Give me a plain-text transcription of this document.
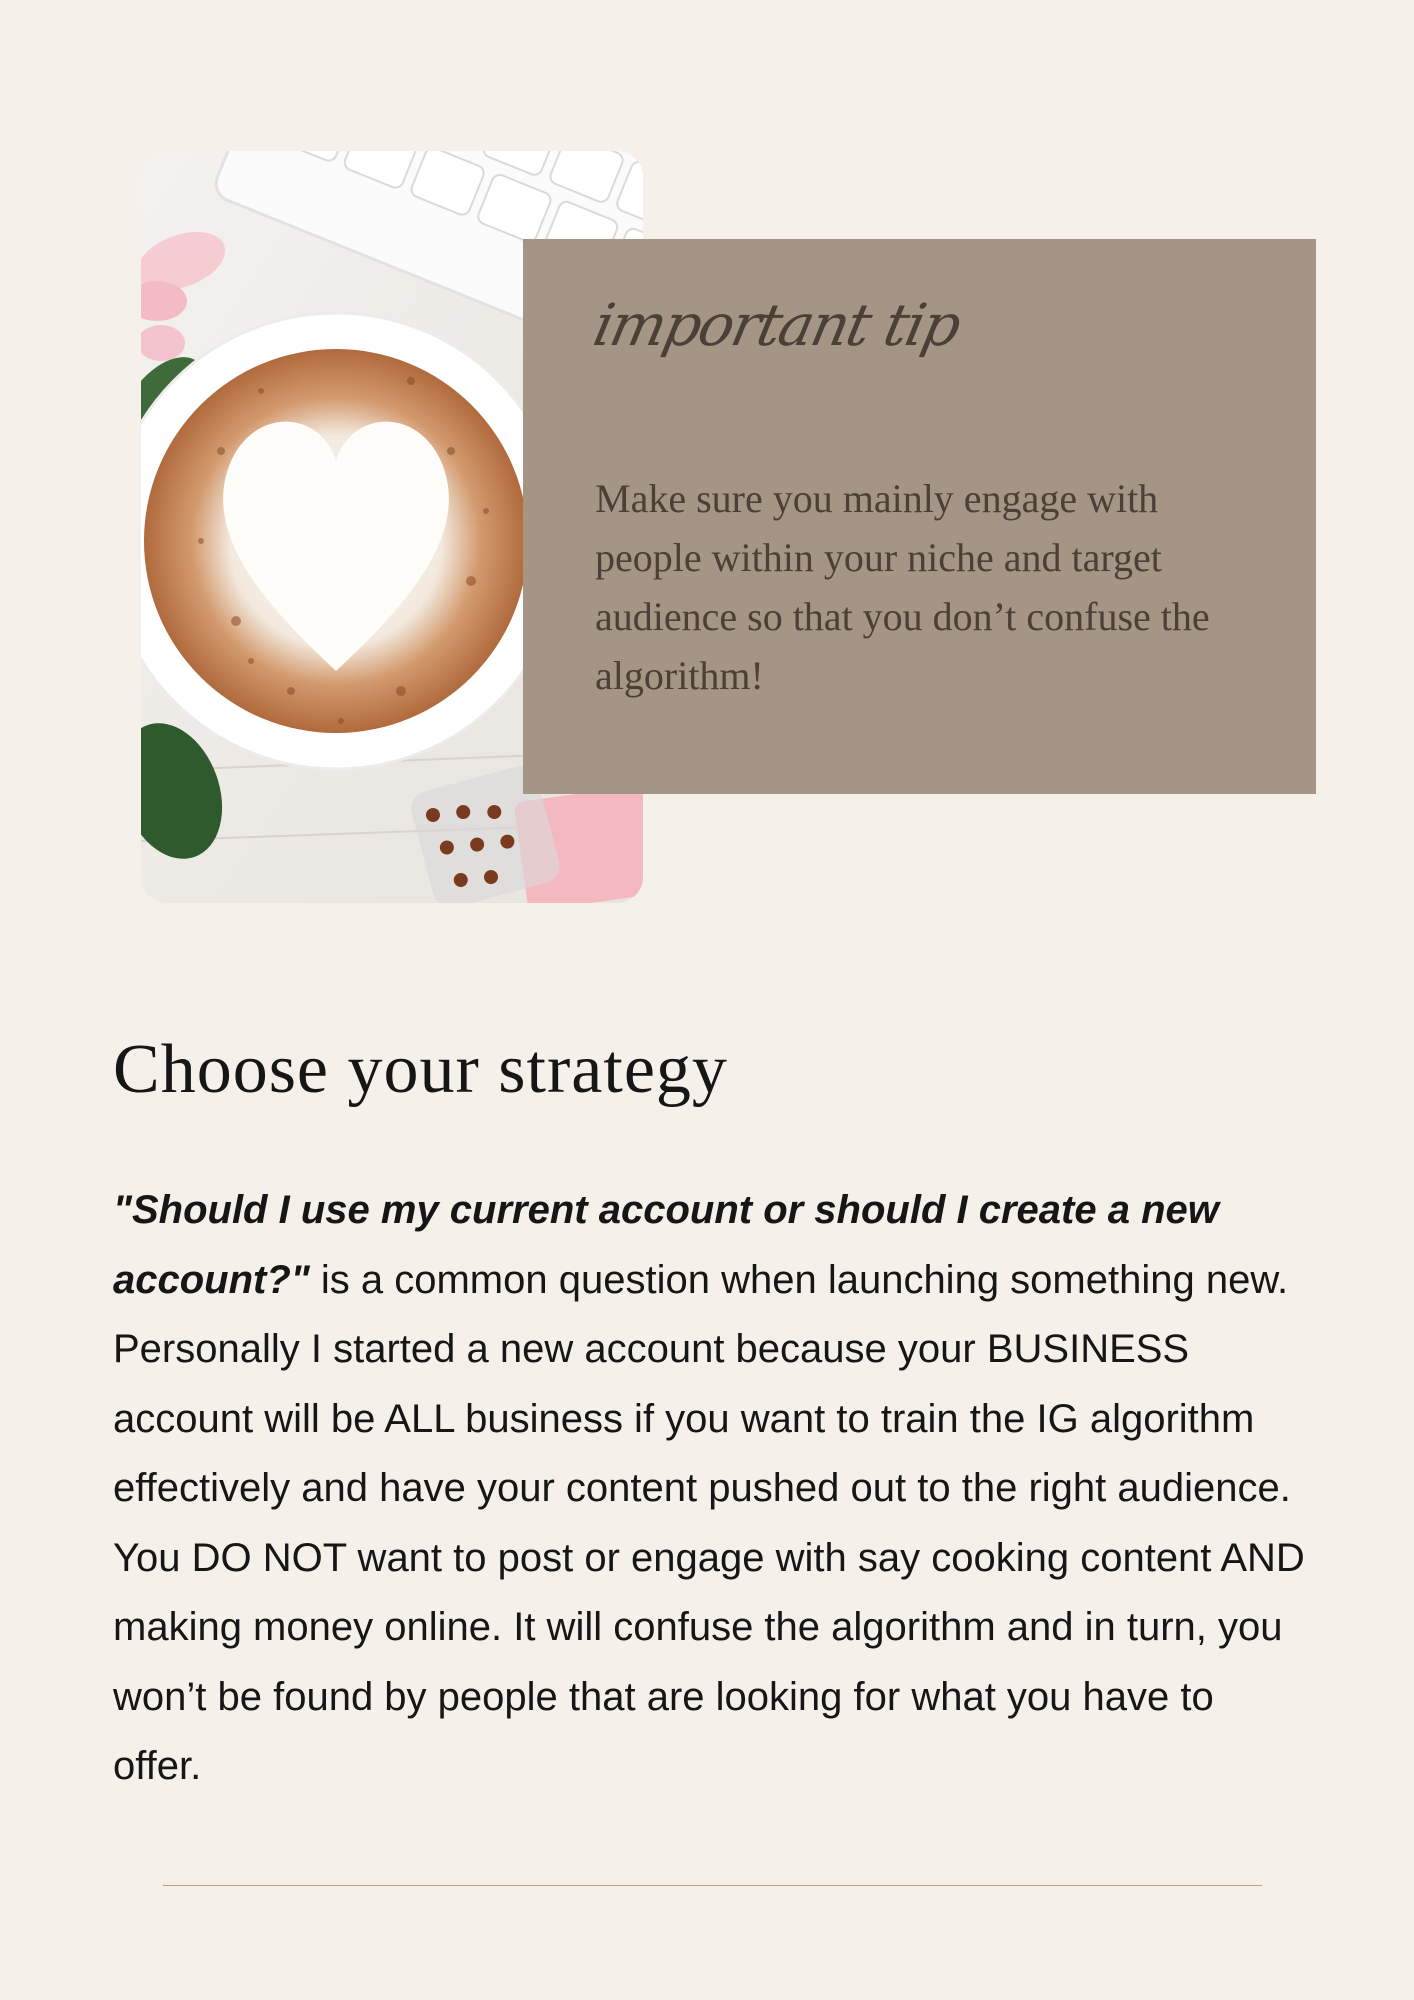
important tip

Make sure you mainly engage with people within your niche and target audience so that you don’t confuse the algorithm!

Choose your strategy

"Should I use my current account or should I create a new account?" is a common question when launching something new. Personally I started a new account because your BUSINESS account will be ALL business if you want to train the IG algorithm effectively and have your content pushed out to the right audience. You DO NOT want to post or engage with say cooking content AND making money online. It will confuse the algorithm and in turn, you won’t be found by people that are looking for what you have to offer.
